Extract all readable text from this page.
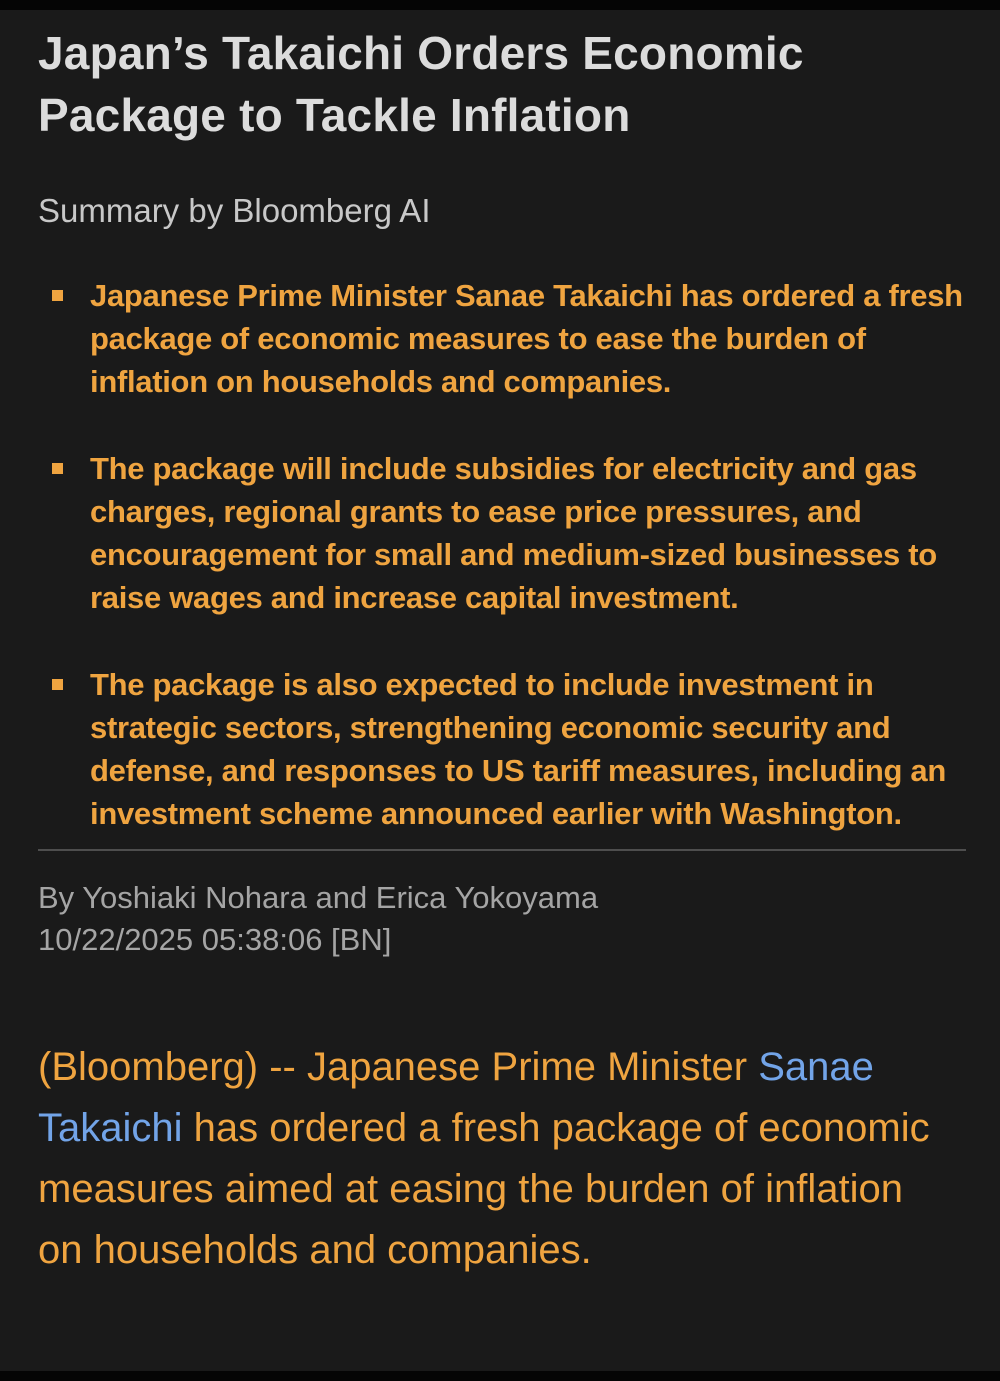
Japan’s Takaichi Orders Economic Package to Tackle Inflation
Summary by Bloomberg AI
Japanese Prime Minister Sanae Takaichi has ordered a fresh package of economic measures to ease the burden of inflation on households and companies.
The package will include subsidies for electricity and gas charges, regional grants to ease price pressures, and encouragement for small and medium-sized businesses to raise wages and increase capital investment.
The package is also expected to include investment in strategic sectors, strengthening economic security and defense, and responses to US tariff measures, including an investment scheme announced earlier with Washington.
By Yoshiaki Nohara and Erica Yokoyama
10/22/2025 05:38:06 [BN]

(Bloomberg) -- Japanese Prime Minister Sanae Takaichi has ordered a fresh package of economic measures aimed at easing the burden of inflation on households and companies.
